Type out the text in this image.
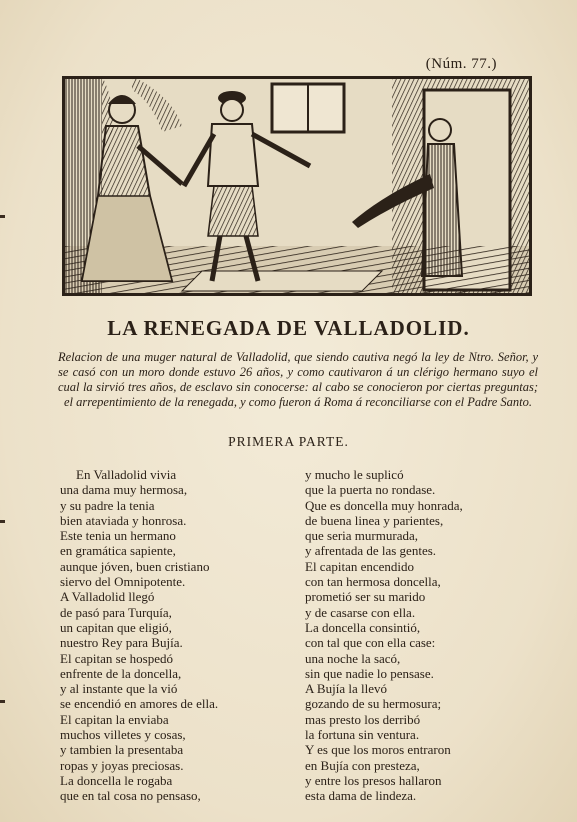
(Núm. 77.)
LA RENEGADA DE VALLADOLID.
Relacion de una muger natural de Valladolid, que siendo cautiva negó la ley de Ntro. Señor, y se casó con un moro donde estuvo 26 años, y como cautivaron á un clérigo hermano suyo el cual la sirvió tres años, de esclavo sin conocerse: al cabo se conocieron por ciertas preguntas; el arrepentimiento de la renegada, y como fueron á Roma á reconciliarse con el Padre Santo.
PRIMERA PARTE.
En Valladolid vivia
una dama muy hermosa,
y su padre la tenia
bien ataviada y honrosa.
Este tenia un hermano
en gramática sapiente,
aunque jóven, buen cristiano
siervo del Omnipotente.
A Valladolid llegó
de pasó para Turquía,
un capitan que eligió,
nuestro Rey para Bujía.
El capitan se hospedó
enfrente de la doncella,
y al instante que la vió
se encendió en amores de ella.
El capitan la enviaba
muchos villetes y cosas,
y tambien la presentaba
ropas y joyas preciosas.
La doncella le rogaba
que en tal cosa no pensaso,
y mucho le suplicó
que la puerta no rondase.
Que es doncella muy honrada,
de buena linea y parientes,
que seria murmurada,
y afrentada de las gentes.
El capitan encendido
con tan hermosa doncella,
prometió ser su marido
y de casarse con ella.
La doncella consintió,
con tal que con ella case:
una noche la sacó,
sin que nadie lo pensase.
A Bujía la llevó
gozando de su hermosura;
mas presto los derribó
la fortuna sin ventura.
Y es que los moros entraron
en Bujía con presteza,
y entre los presos hallaron
esta dama de lindeza.
